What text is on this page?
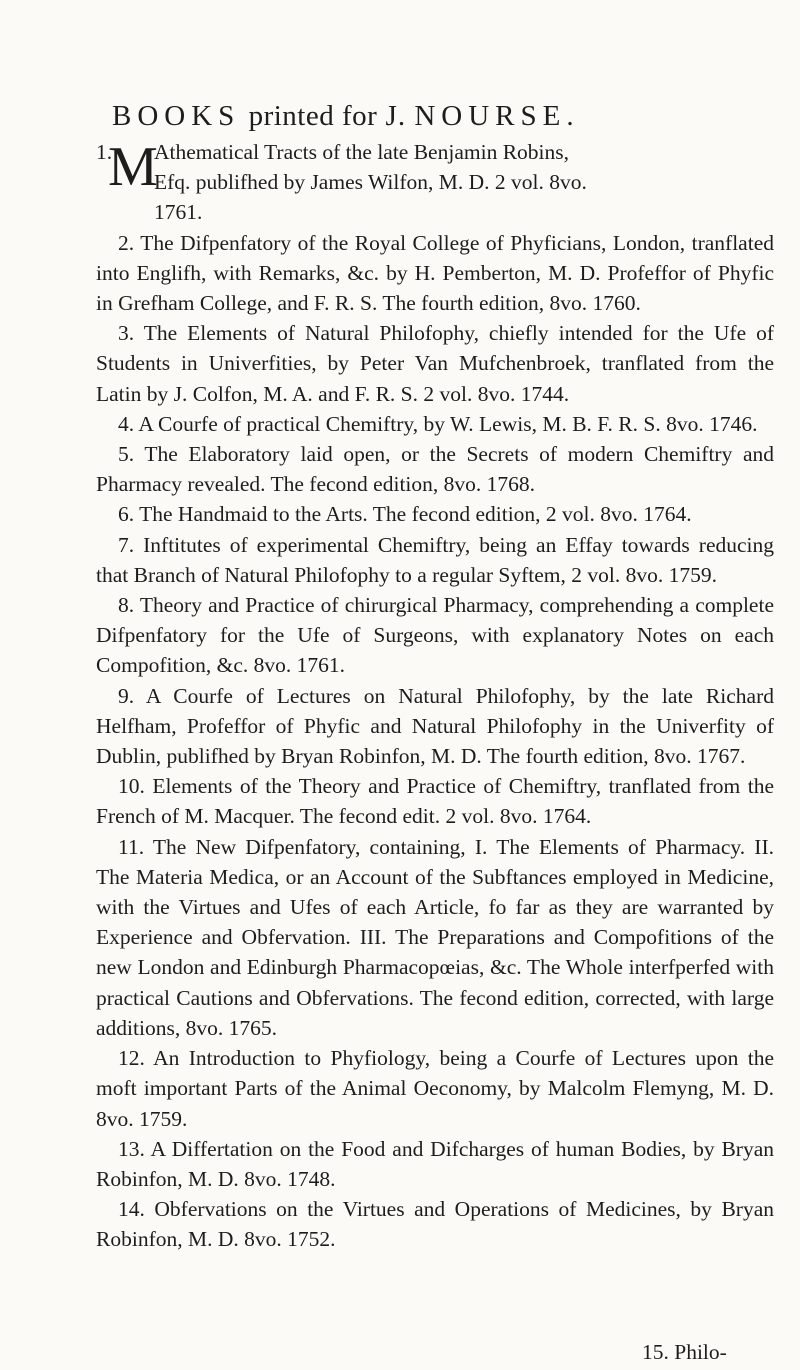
BOOKS printed for J. NOURSE.

1.
M
Athematical Tracts of the late Benjamin Robins,
Efq. publifhed by James Wilfon, M. D. 2 vol. 8vo.
1761.

2. The Difpenfatory of the Royal College of Phyficians, London, tranflated into Englifh, with Remarks, &c. by H. Pemberton, M. D. Profeffor of Phyfic in Grefham College, and F. R. S. The fourth edition, 8vo. 1760.

3. The Elements of Natural Philofophy, chiefly intended for the Ufe of Students in Univerfities, by Peter Van Mufchenbroek, tranflated from the Latin by J. Colfon, M. A. and F. R. S. 2 vol. 8vo. 1744.

4. A Courfe of practical Chemiftry, by W. Lewis, M. B. F. R. S. 8vo. 1746.

5. The Elaboratory laid open, or the Secrets of modern Chemiftry and Pharmacy revealed. The fecond edition, 8vo. 1768.

6. The Handmaid to the Arts. The fecond edition, 2 vol. 8vo. 1764.

7. Inftitutes of experimental Chemiftry, being an Effay towards reducing that Branch of Natural Philofophy to a regular Syftem, 2 vol. 8vo. 1759.

8. Theory and Practice of chirurgical Pharmacy, comprehending a complete Difpenfatory for the Ufe of Surgeons, with explanatory Notes on each Compofition, &c. 8vo. 1761.

9. A Courfe of Lectures on Natural Philofophy, by the late Richard Helfham, Profeffor of Phyfic and Natural Philofophy in the Univerfity of Dublin, publifhed by Bryan Robinfon, M. D. The fourth edition, 8vo. 1767.

10. Elements of the Theory and Practice of Chemiftry, tranflated from the French of M. Macquer. The fecond edit. 2 vol. 8vo. 1764.

11. The New Difpenfatory, containing, I. The Elements of Pharmacy. II. The Materia Medica, or an Account of the Subftances employed in Medicine, with the Virtues and Ufes of each Article, fo far as they are warranted by Experience and Obfervation. III. The Preparations and Compofitions of the new London and Edinburgh Pharmacopœias, &c. The Whole interfperfed with practical Cautions and Obfervations. The fecond edition, corrected, with large additions, 8vo. 1765.

12. An Introduction to Phyfiology, being a Courfe of Lectures upon the moft important Parts of the Animal Oeconomy, by Malcolm Flemyng, M. D. 8vo. 1759.

13. A Differtation on the Food and Difcharges of human Bodies, by Bryan Robinfon, M. D. 8vo. 1748.

14. Obfervations on the Virtues and Operations of Medicines, by Bryan Robinfon, M. D. 8vo. 1752.

15. Philo-
